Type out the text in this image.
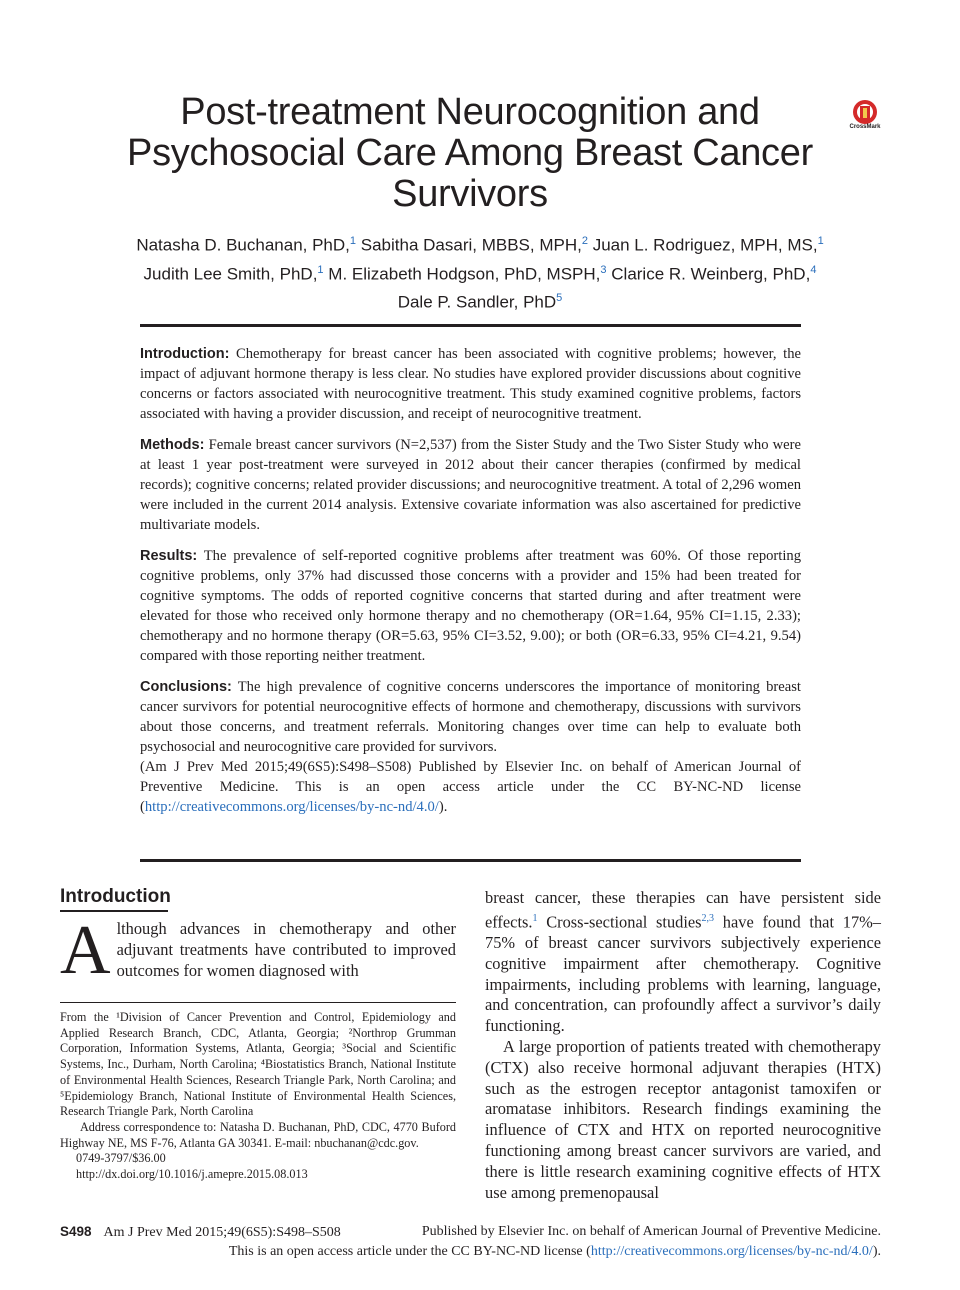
Post-treatment Neurocognition and Psychosocial Care Among Breast Cancer Survivors
CrossMark
Natasha D. Buchanan, PhD,$^1$ Sabitha Dasari, MBBS, MPH,$^2$ Juan L. Rodriguez, MPH, MS,$^1$
Judith Lee Smith, PhD,$^1$ M. Elizabeth Hodgson, PhD, MSPH,$^3$ Clarice R. Weinberg, PhD,$^4$
Dale P. Sandler, PhD$^5$

Introduction: Chemotherapy for breast cancer has been associated with cognitive problems; however, the impact of adjuvant hormone therapy is less clear. No studies have explored provider discussions about cognitive concerns or factors associated with neurocognitive treatment. This study examined cognitive problems, factors associated with having a provider discussion, and receipt of neurocognitive treatment.

Methods: Female breast cancer survivors (N=2,537) from the Sister Study and the Two Sister Study who were at least 1 year post-treatment were surveyed in 2012 about their cancer therapies (confirmed by medical records); cognitive concerns; related provider discussions; and neurocognitive treatment. A total of 2,296 women were included in the current 2014 analysis. Extensive covariate information was also ascertained for predictive multivariate models.

Results: The prevalence of self-reported cognitive problems after treatment was 60%. Of those reporting cognitive problems, only 37% had discussed those concerns with a provider and 15% had been treated for cognitive symptoms. The odds of reported cognitive concerns that started during and after treatment were elevated for those who received only hormone therapy and no chemotherapy (OR=1.64, 95% CI=1.15, 2.33); chemotherapy and no hormone therapy (OR=5.63, 95% CI=3.52, 9.00); or both (OR=6.33, 95% CI=4.21, 9.54) compared with those reporting neither treatment.

Conclusions: The high prevalence of cognitive concerns underscores the importance of monitoring breast cancer survivors for potential neurocognitive effects of hormone and chemotherapy, discussions with survivors about those concerns, and treatment referrals. Monitoring changes over time can help to evaluate both psychosocial and neurocognitive care provided for survivors.

(Am J Prev Med 2015;49(6S5):S498–S508) Published by Elsevier Inc. on behalf of American Journal of Preventive Medicine. This is an open access article under the CC BY-NC-ND license (http://creativecommons.org/licenses/by-nc-nd/4.0/).

Introduction

Although advances in chemotherapy and other adjuvant treatments have contributed to improved outcomes for women diagnosed with

From the ¹Division of Cancer Prevention and Control, Epidemiology and Applied Research Branch, CDC, Atlanta, Georgia; ²Northrop Grumman Corporation, Information Systems, Atlanta, Georgia; ³Social and Scientific Systems, Inc., Durham, North Carolina; ⁴Biostatistics Branch, National Institute of Environmental Health Sciences, Research Triangle Park, North Carolina; and ⁵Epidemiology Branch, National Institute of Environmental Health Sciences, Research Triangle Park, North Carolina

Address correspondence to: Natasha D. Buchanan, PhD, CDC, 4770 Buford Highway NE, MS F-76, Atlanta GA 30341. E-mail: nbuchanan@cdc.gov.

0749-3797/$36.00

http://dx.doi.org/10.1016/j.amepre.2015.08.013

breast cancer, these therapies can have persistent side effects.$^1$ Cross-sectional studies$^{2,3}$ have found that 17%–75% of breast cancer survivors subjectively experience cognitive impairment after chemotherapy. Cognitive impairments, including problems with learning, language, and concentration, can profoundly affect a survivor’s daily functioning.

A large proportion of patients treated with chemotherapy (CTX) also receive hormonal adjuvant therapies (HTX) such as the estrogen receptor antagonist tamoxifen or aromatase inhibitors. Research findings examining the influence of CTX and HTX on reported neurocognitive functioning among breast cancer survivors are varied, and there is little research examining cognitive effects of HTX use among premenopausal

S498 Am J Prev Med 2015;49(6S5):S498–S508	Published by Elsevier Inc. on behalf of American Journal of Preventive Medicine.
This is an open access article under the CC BY-NC-ND license (http://creativecommons.org/licenses/by-nc-nd/4.0/).
